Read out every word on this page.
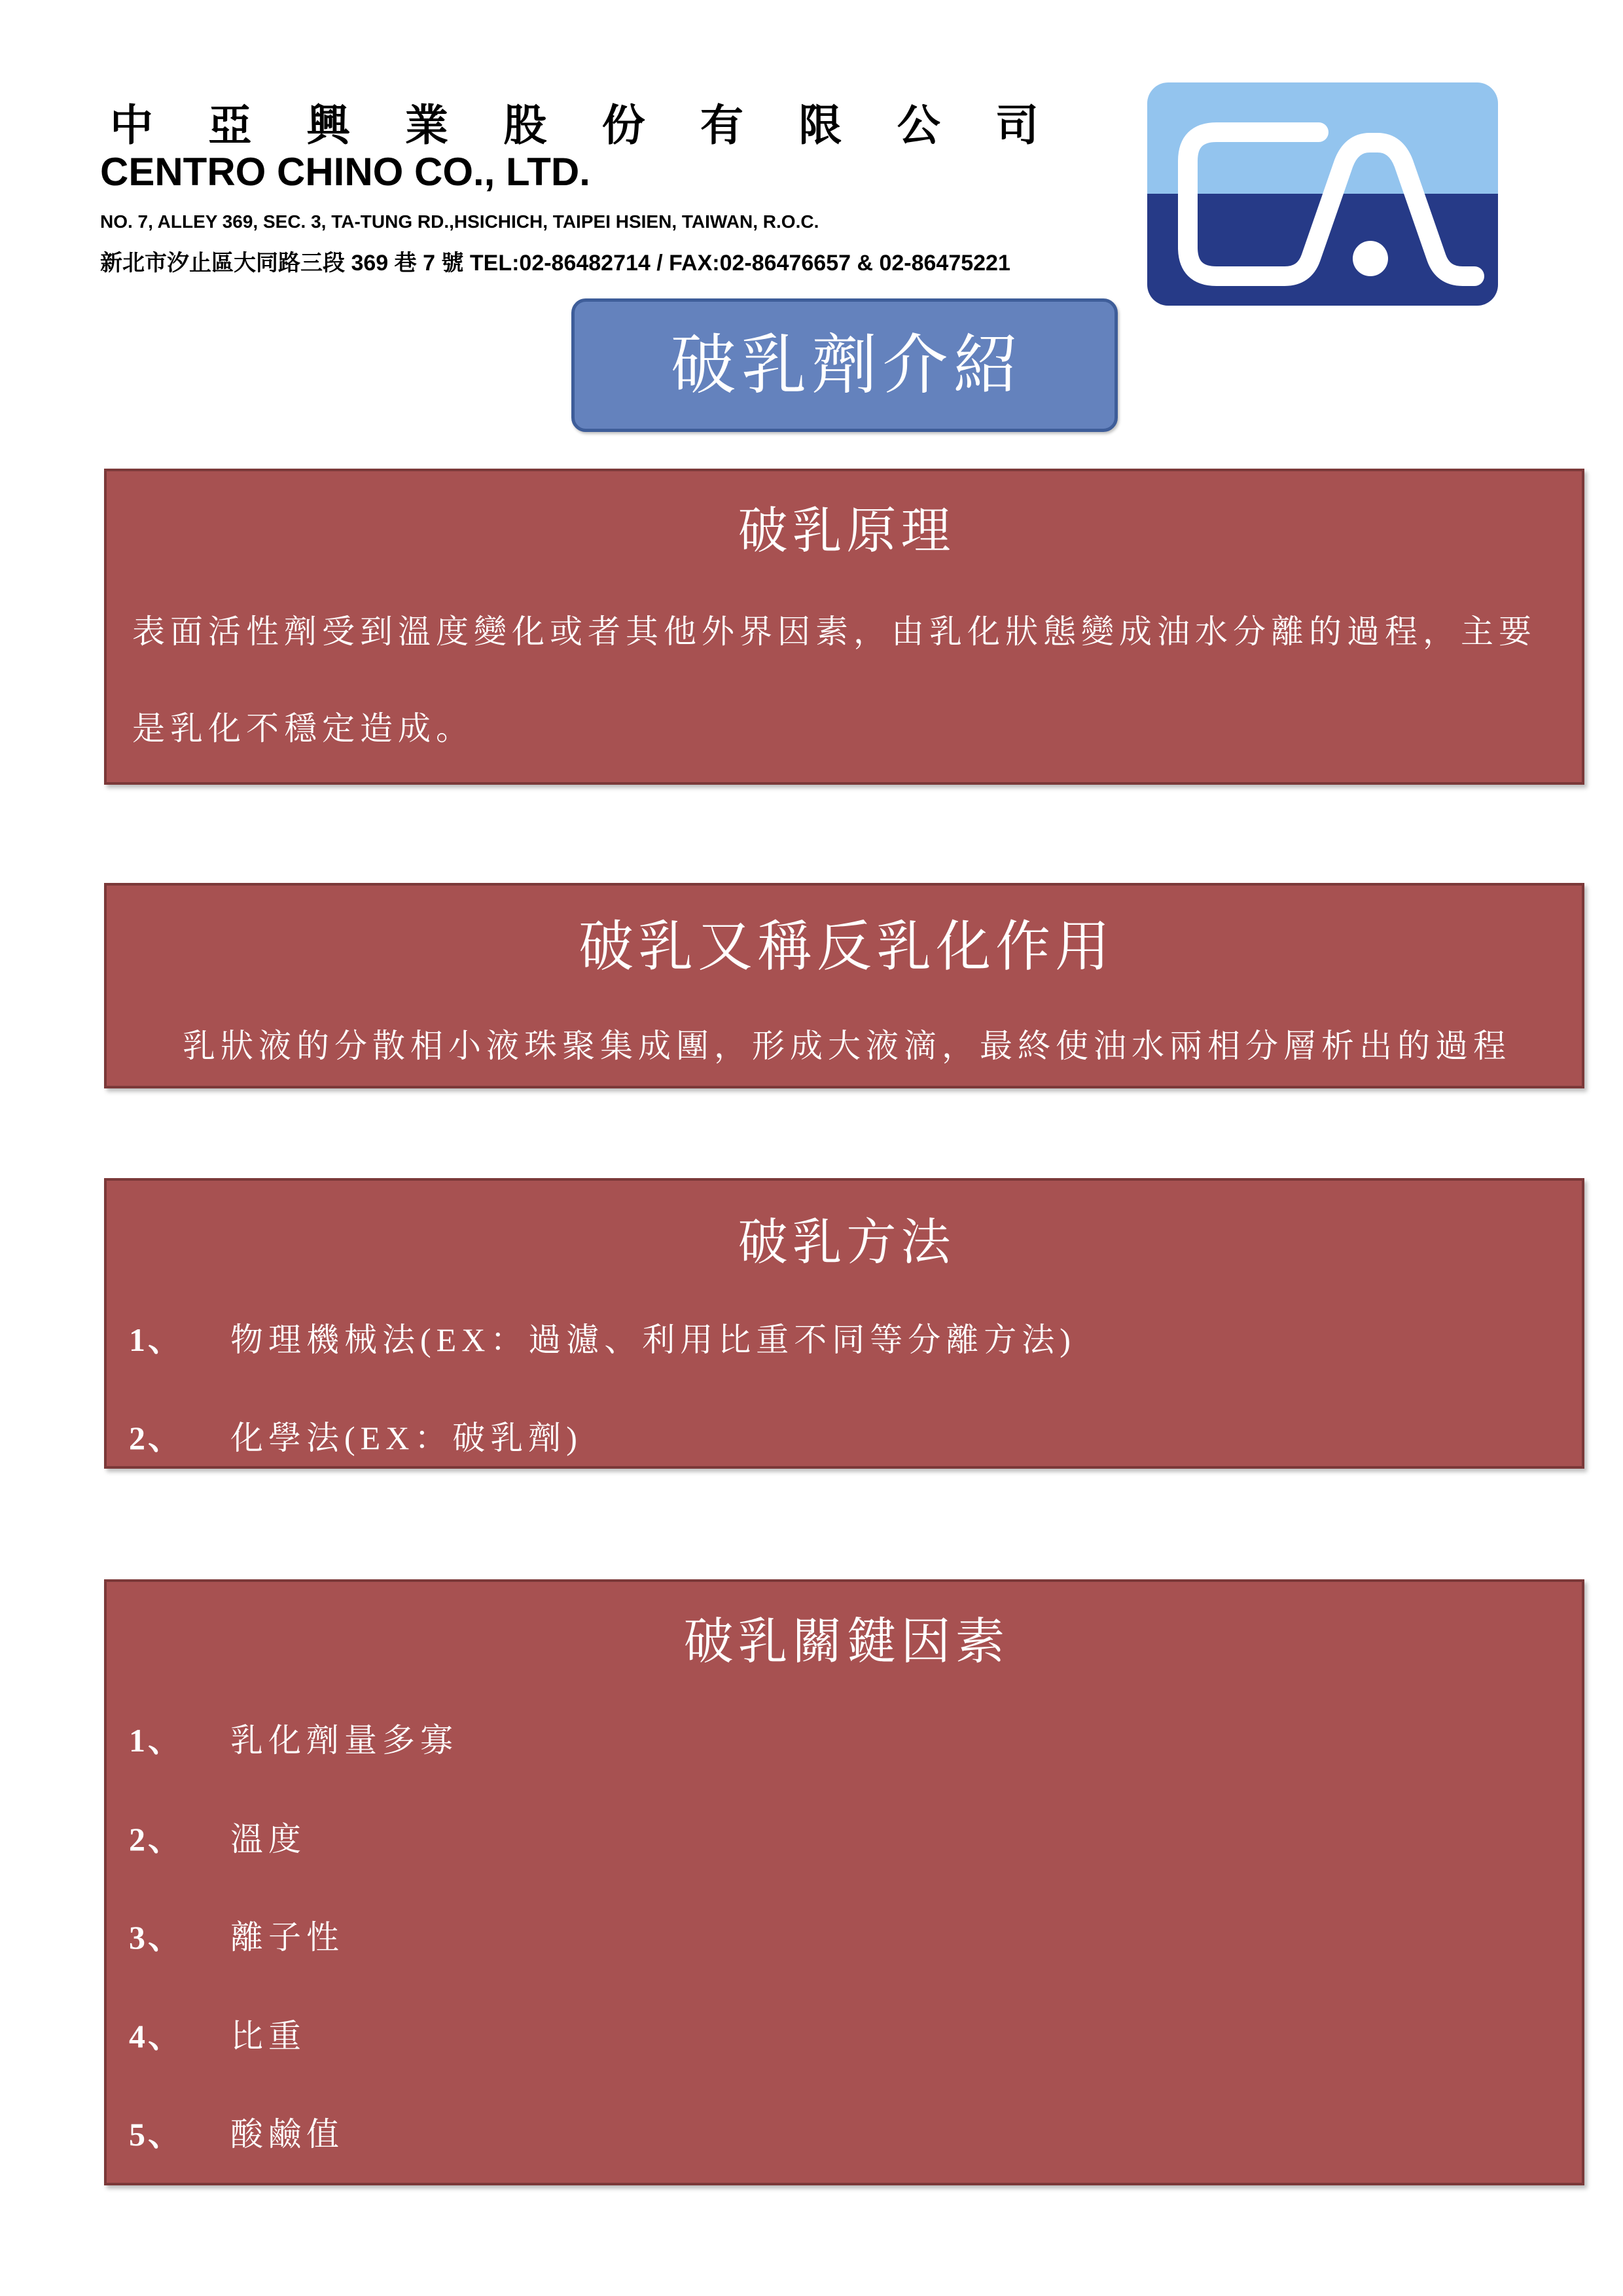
中 亞 興 業 股 份 有 限 公 司
CENTRO CHINO CO., LTD.
NO. 7, ALLEY 369, SEC. 3, TA-TUNG RD.,HSICHICH, TAIPEI HSIEN, TAIWAN, R.O.C.
新北市汐止區大同路三段 369 巷 7 號 TEL:02-86482714 / FAX:02-86476657 & 02-86475221
破乳劑介紹
破乳原理
表面活性劑受到溫度變化或者其他外界因素，由乳化狀態變成油水分離的過程，主要是乳化不穩定造成。
破乳又稱反乳化作用
乳狀液的分散相小液珠聚集成團，形成大液滴，最終使油水兩相分層析出的過程
破乳方法
1、 物理機械法(EX：過濾、利用比重不同等分離方法)
2、 化學法(EX：破乳劑)
破乳關鍵因素
1、 乳化劑量多寡
2、 溫度
3、 離子性
4、 比重
5、 酸鹼值
